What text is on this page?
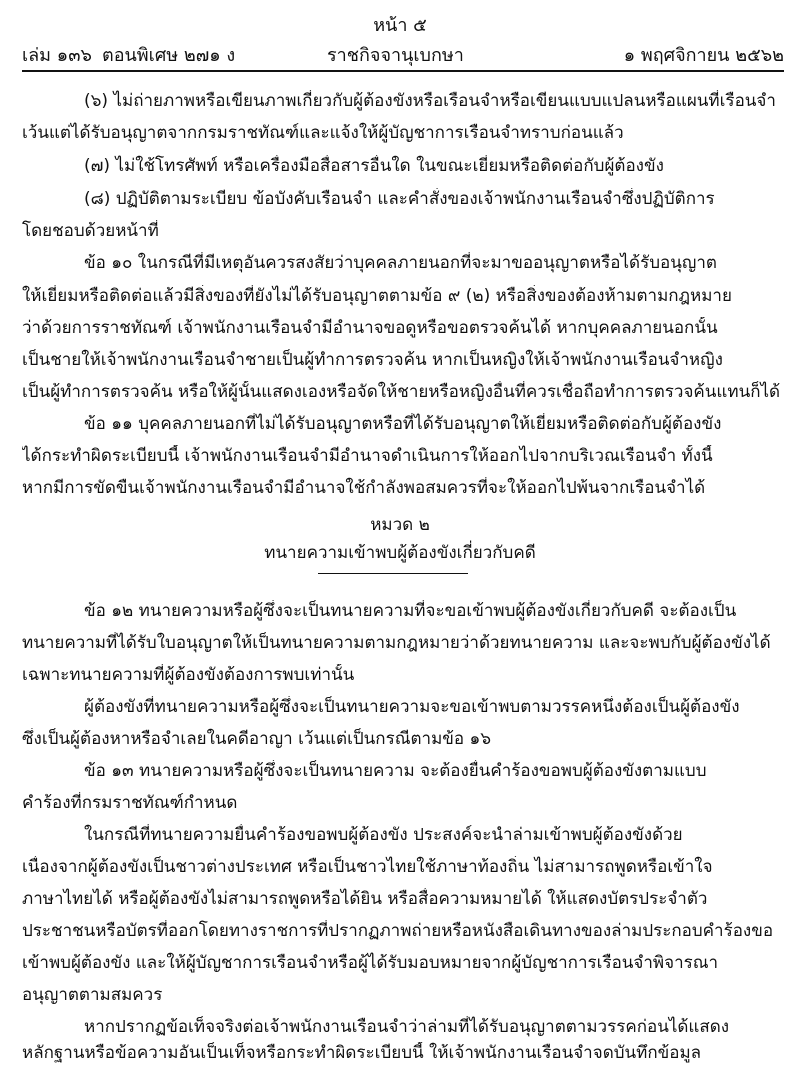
หน้า ๕
เล่ม ๑๓๖ ตอนพิเศษ ๒๗๑ ง	ราชกิจจานุเบกษา	๑ พฤศจิกายน ๒๕๖๒
(๖) ไม่ถ่ายภาพหรือเขียนภาพเกี่ยวกับผู้ต้องขังหรือเรือนจำหรือเขียนแบบแปลนหรือแผนที่เรือนจำ
เว้นแต่ได้รับอนุญาตจากกรมราชทัณฑ์และแจ้งให้ผู้บัญชาการเรือนจำทราบก่อนแล้ว
(๗) ไม่ใช้โทรศัพท์ หรือเครื่องมือสื่อสารอื่นใด ในขณะเยี่ยมหรือติดต่อกับผู้ต้องขัง
(๘) ปฏิบัติตามระเบียบ ข้อบังคับเรือนจำ และคำสั่งของเจ้าพนักงานเรือนจำซึ่งปฏิบัติการ
โดยชอบด้วยหน้าที่
ข้อ ๑๐ ในกรณีที่มีเหตุอันควรสงสัยว่าบุคคลภายนอกที่จะมาขออนุญาตหรือได้รับอนุญาต
ให้เยี่ยมหรือติดต่อแล้วมีสิ่งของที่ยังไม่ได้รับอนุญาตตามข้อ ๙ (๒) หรือสิ่งของต้องห้ามตามกฎหมาย
ว่าด้วยการราชทัณฑ์ เจ้าพนักงานเรือนจำมีอำนาจขอดูหรือขอตรวจค้นได้ หากบุคคลภายนอกนั้น
เป็นชายให้เจ้าพนักงานเรือนจำชายเป็นผู้ทำการตรวจค้น หากเป็นหญิงให้เจ้าพนักงานเรือนจำหญิง
เป็นผู้ทำการตรวจค้น หรือให้ผู้นั้นแสดงเองหรือจัดให้ชายหรือหญิงอื่นที่ควรเชื่อถือทำการตรวจค้นแทนก็ได้
ข้อ ๑๑ บุคคลภายนอกที่ไม่ได้รับอนุญาตหรือที่ได้รับอนุญาตให้เยี่ยมหรือติดต่อกับผู้ต้องขัง
ได้กระทำผิดระเบียบนี้ เจ้าพนักงานเรือนจำมีอำนาจดำเนินการให้ออกไปจากบริเวณเรือนจำ ทั้งนี้
หากมีการขัดขืนเจ้าพนักงานเรือนจำมีอำนาจใช้กำลังพอสมควรที่จะให้ออกไปพ้นจากเรือนจำได้
หมวด ๒
ทนายความเข้าพบผู้ต้องขังเกี่ยวกับคดี
ข้อ ๑๒ ทนายความหรือผู้ซึ่งจะเป็นทนายความที่จะขอเข้าพบผู้ต้องขังเกี่ยวกับคดี จะต้องเป็น
ทนายความที่ได้รับใบอนุญาตให้เป็นทนายความตามกฎหมายว่าด้วยทนายความ และจะพบกับผู้ต้องขังได้
เฉพาะทนายความที่ผู้ต้องขังต้องการพบเท่านั้น
ผู้ต้องขังที่ทนายความหรือผู้ซึ่งจะเป็นทนายความจะขอเข้าพบตามวรรคหนึ่งต้องเป็นผู้ต้องขัง
ซึ่งเป็นผู้ต้องหาหรือจำเลยในคดีอาญา เว้นแต่เป็นกรณีตามข้อ ๑๖
ข้อ ๑๓ ทนายความหรือผู้ซึ่งจะเป็นทนายความ จะต้องยื่นคำร้องขอพบผู้ต้องขังตามแบบ
คำร้องที่กรมราชทัณฑ์กำหนด
ในกรณีที่ทนายความยื่นคำร้องขอพบผู้ต้องขัง ประสงค์จะนำล่ามเข้าพบผู้ต้องขังด้วย
เนื่องจากผู้ต้องขังเป็นชาวต่างประเทศ หรือเป็นชาวไทยใช้ภาษาท้องถิ่น ไม่สามารถพูดหรือเข้าใจ
ภาษาไทยได้ หรือผู้ต้องขังไม่สามารถพูดหรือได้ยิน หรือสื่อความหมายได้ ให้แสดงบัตรประจำตัว
ประชาชนหรือบัตรที่ออกโดยทางราชการที่ปรากฏภาพถ่ายหรือหนังสือเดินทางของล่ามประกอบคำร้องขอ
เข้าพบผู้ต้องขัง และให้ผู้บัญชาการเรือนจำหรือผู้ได้รับมอบหมายจากผู้บัญชาการเรือนจำพิจารณา
อนุญาตตามสมควร
หากปรากฏข้อเท็จจริงต่อเจ้าพนักงานเรือนจำว่าล่ามที่ได้รับอนุญาตตามวรรคก่อนได้แสดง
หลักฐานหรือข้อความอันเป็นเท็จหรือกระทำผิดระเบียบนี้ ให้เจ้าพนักงานเรือนจำจดบันทึกข้อมูล
